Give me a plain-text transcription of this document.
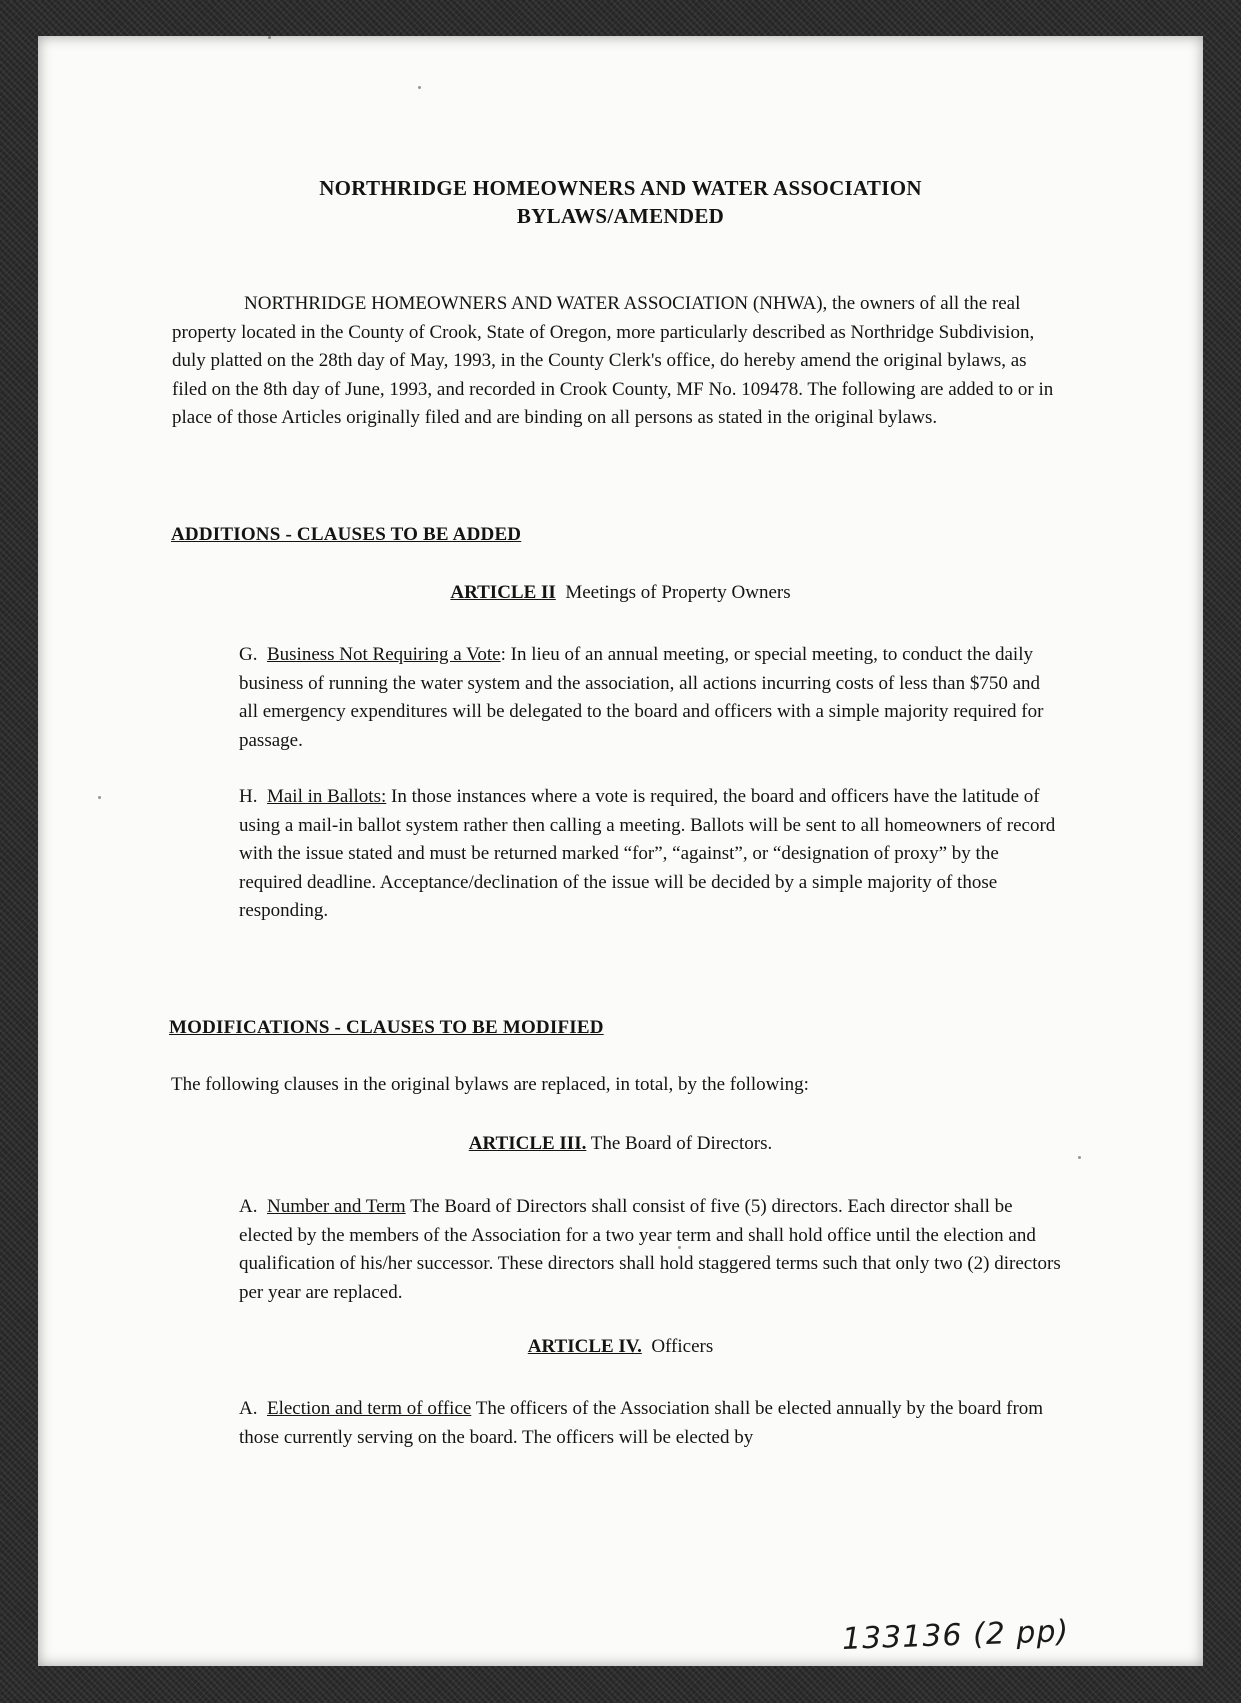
NORTHRIDGE HOMEOWNERS AND WATER ASSOCIATION

BYLAWS/AMENDED

NORTHRIDGE HOMEOWNERS AND WATER ASSOCIATION (NHWA), the owners of all the real property located in the County of Crook, State of Oregon, more particularly described as Northridge Subdivision, duly platted on the 28th day of May, 1993, in the County Clerk's office, do hereby amend the original bylaws, as filed on the 8th day of June, 1993, and recorded in Crook County, MF No. 109478. The following are added to or in place of those Articles originally filed and are binding on all persons as stated in the original bylaws.

ADDITIONS - CLAUSES TO BE ADDED

ARTICLE II Meetings of Property Owners

G. Business Not Requiring a Vote: In lieu of an annual meeting, or special meeting, to conduct the daily business of running the water system and the association, all actions incurring costs of less than $750 and all emergency expenditures will be delegated to the board and officers with a simple majority required for passage.

H. Mail in Ballots: In those instances where a vote is required, the board and officers have the latitude of using a mail-in ballot system rather then calling a meeting. Ballots will be sent to all homeowners of record with the issue stated and must be returned marked “for”, “against”, or “designation of proxy” by the required deadline. Acceptance/declination of the issue will be decided by a simple majority of those responding.

MODIFICATIONS - CLAUSES TO BE MODIFIED

The following clauses in the original bylaws are replaced, in total, by the following:

ARTICLE III. The Board of Directors.

A. Number and Term The Board of Directors shall consist of five (5) directors. Each director shall be elected by the members of the Association for a two year term and shall hold office until the election and qualification of his/her successor. These directors shall hold staggered terms such that only two (2) directors per year are replaced.

ARTICLE IV. Officers

A. Election and term of office The officers of the Association shall be elected annually by the board from those currently serving on the board. The officers will be elected by

133136 (2 pp)
